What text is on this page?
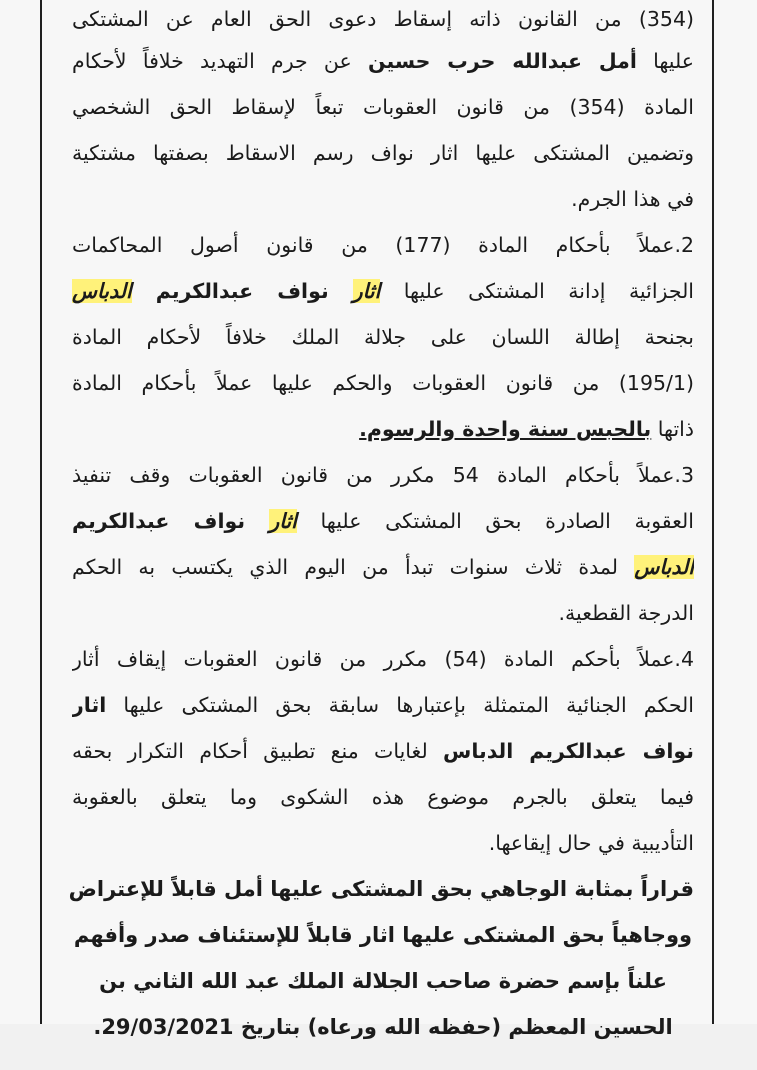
(354) من القانون ذاته إسقاط دعوى الحق العام عن المشتكى
عليها أمل عبدالله حرب حسين عن جرم التهديد خلافاً لأحكام
المادة (354) من قانون العقوبات تبعاً لإسقاط الحق الشخصي
وتضمين المشتكى عليها اثار نواف رسم الاسقاط بصفتها مشتكية
في هذا الجرم.
2.عملاً بأحكام المادة (177) من قانون أصول المحاكمات
الجزائية إدانة المشتكى عليها اثار نواف عبدالكريم الدباس
بجنحة إطالة اللسان على جلالة الملك خلافاً لأحكام المادة
(195/1) من قانون العقوبات والحكم عليها عملاً بأحكام المادة
ذاتها بالحبس سنة واحدة والرسوم.
3.عملاً بأحكام المادة 54 مكرر من قانون العقوبات وقف تنفيذ
العقوبة الصادرة بحق المشتكى عليها اثار نواف عبدالكريم
الدباس لمدة ثلاث سنوات تبدأ من اليوم الذي يكتسب به الحكم
الدرجة القطعية.
4.عملاً بأحكم المادة (54) مكرر من قانون العقوبات إيقاف أثار
الحكم الجنائية المتمثلة بإعتبارها سابقة بحق المشتكى عليها اثار
نواف عبدالكريم الدباس لغايات منع تطبيق أحكام التكرار بحقه
فيما يتعلق بالجرم موضوع هذه الشكوى وما يتعلق بالعقوبة
التأديبية في حال إيقاعها.
قراراً بمثابة الوجاهي بحق المشتكى عليها أمل قابلاً للإعتراض
ووجاهياً بحق المشتكى عليها اثار قابلاً للإستئناف صدر وأفهم
علناً بإسم حضرة صاحب الجلالة الملك عبد الله الثاني بن
الحسين المعظم (حفظه الله ورعاه) بتاريخ 29/03/2021.
